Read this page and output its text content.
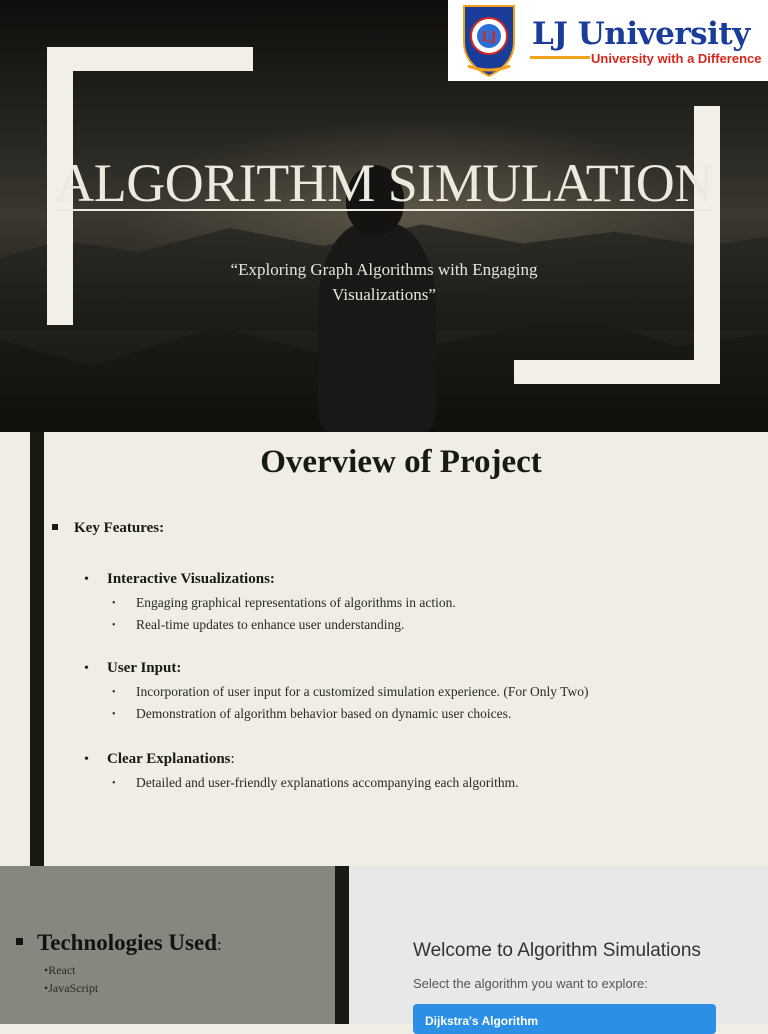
LJ LJ University
University with a Difference
ALGORITHM SIMULATION
“Exploring Graph Algorithms with Engaging Visualizations”
Overview of Project
Key Features:
• Interactive Visualizations:
• Engaging graphical representations of algorithms in action.
• Real-time updates to enhance user understanding.
• User Input:
• Incorporation of user input for a customized simulation experience. (For Only Two)
• Demonstration of algorithm behavior based on dynamic user choices.
• Clear Explanations:
• Detailed and user-friendly explanations accompanying each algorithm.
Technologies Used:
•React
•JavaScript
Welcome to Algorithm Simulations
Select the algorithm you want to explore:
Dijkstra's Algorithm
